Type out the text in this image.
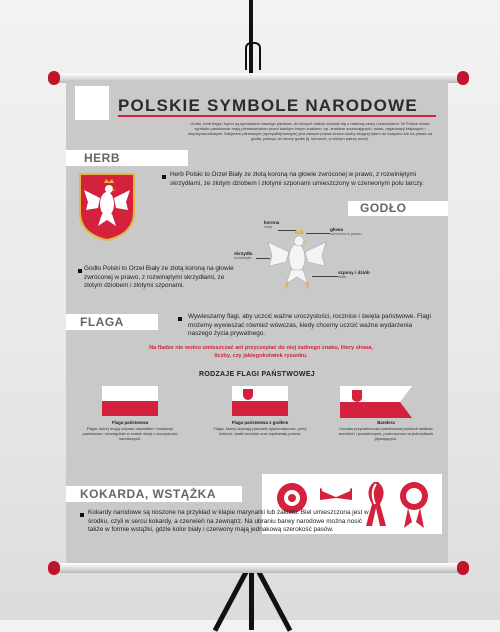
POLSKIE SYMBOLE NARODOWE
Godło, herb flaga i hymn są symbolami naszego państwa, do których należy odnosić się z należną czcią i szacunkiem. W Polsce nasze symbole państwowe mają pierwszeństwo przed każdym innym znakiem, np. znakiem zrzeszających, miast, organizacji krajowych i międzynarodowych. Miejscem pierwszym (uprzywilejowanym) jest zawsze prawa strona osoby stojącej tyłem do budynku lub na prawo od godła, patrząc od strony godła (tj. kierunek, w którym patrzy orzeł).
HERB
Herb Polski to Orzeł Biały ze złotą koroną na głowie zwróconej w prawo, z rozwiniętymi skrzydłami, ze złotym dziobem i złotymi szponami umieszczony w czerwonym polu tarczy.
GODŁO
korona
złota	głowa
zwrócona w prawo
skrzydła
rozwinięte
szpony i dziób
złote
Godło Polski to Orzeł Biały ze złotą koroną na głowie zwróconej w prawo, z rozwiniętymi skrzydłami, ze złotym dziobem i złotymi szponami.
FLAGA	Wywieszamy flagi, aby uczcić ważne uroczystości, rocznice i święta państwowe. Flagi możemy wywieszać również wówczas, kiedy chcemy uczcić ważne wydarzenia naszego życia prywatnego.
Na fladze nie wolno umieszczać ani przyczepiać do niej żadnego znaku, litery słowa, liczby, czy jakiegokolwiek rysunku.
RODZAJE FLAGI PAŃSTWOWEJ
Flaga państwowa
Flaga, której mogą używać obywatele i instytucje państwowe, szczególnie w czasie świąt i uroczystości narodowych.
Flaga państwowa z godłem
Flaga, której używają placówki dyplomatyczne, porty lotnicze, statki morskie oraz kapitanaty portów.
Bandera
Oznaka przynależności państwowej polskich statków morskich i powietrznych, podnoszona na jednostkach pływających.
KOKARDA, WSTĄŻKA
Kokardy narodowe są noszone na przykład w klapie marynarki lub żakietu. Biel umieszczona jest w środku, czyli w sercu kokardy, a czerwień na zewnątrz. Na ubraniu barwy narodowe można nosić także w formie wstążki, gdzie kolor biały i czerwony mają jednakową szerokość pasów.
